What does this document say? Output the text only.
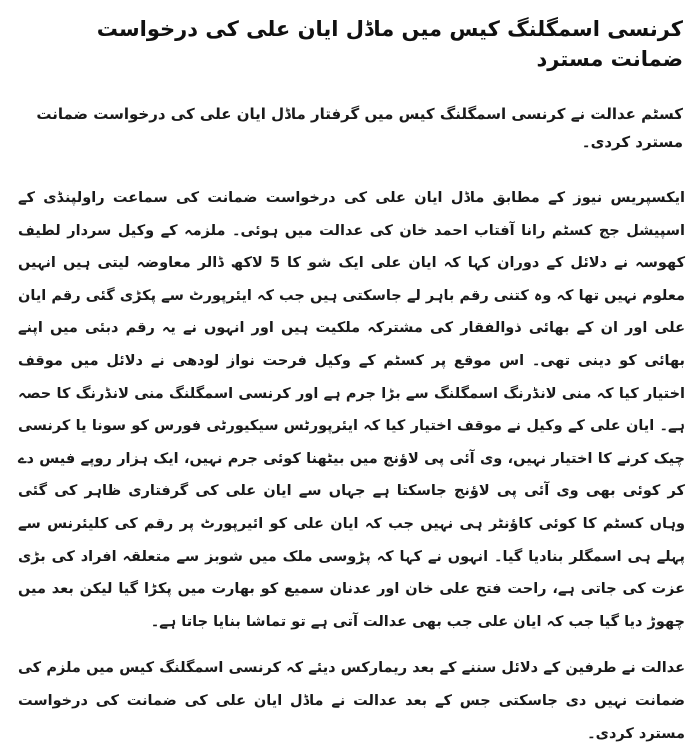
کرنسی اسمگلنگ کیس میں ماڈل ایان علی کی درخواست ضمانت مسترد

کسٹم عدالت نے کرنسی اسمگلنگ کیس میں گرفتار ماڈل ایان علی کی درخواست ضمانت مسترد کردی۔

ایکسپریس نیوز کے مطابق ماڈل ایان علی کی درخواست ضمانت کی سماعت راولپنڈی کے اسپیشل جج کسٹم رانا آفتاب احمد خان کی عدالت میں ہوئی۔ ملزمہ کے وکیل سردار لطیف کھوسہ نے دلائل کے دوران کہا کہ ایان علی ایک شو کا 5 لاکھ ڈالر معاوضہ لیتی ہیں انہیں معلوم نہیں تھا کہ وہ کتنی رقم باہر لے جاسکتی ہیں جب کہ ایئرپورٹ سے پکڑی گئی رقم ایان علی اور ان کے بھائی ذوالفقار کی مشترکہ ملکیت ہیں اور انہوں نے یہ رقم دبئی میں اپنے بھائی کو دینی تھی۔ اس موقع پر کسٹم کے وکیل فرحت نواز لودھی نے دلائل میں موقف اختیار کیا کہ منی لانڈرنگ اسمگلنگ سے بڑا جرم ہے اور کرنسی اسمگلنگ منی لانڈرنگ کا حصہ ہے۔ ایان علی کے وکیل نے موقف اختیار کیا کہ ایئرپورٹس سیکیورٹی فورس کو سونا یا کرنسی چیک کرنے کا اختیار نہیں، وی آئی پی لاؤنج میں بیٹھنا کوئی جرم نہیں، ایک ہزار روپے فیس دے کر کوئی بھی وی آئی پی لاؤنج جاسکتا ہے جہاں سے ایان علی کی گرفتاری ظاہر کی گئی وہاں کسٹم کا کوئی کاؤنٹر ہی نہیں جب کہ ایان علی کو ائیرپورٹ پر رقم کی کلیئرنس سے پہلے ہی اسمگلر بنادیا گیا۔ انہوں نے کہا کہ پڑوسی ملک میں شوبز سے متعلقہ افراد کی بڑی عزت کی جاتی ہے، راحت فتح علی خان اور عدنان سمیع کو بھارت میں پکڑا گیا لیکن بعد میں چھوڑ دیا گیا جب کہ ایان علی جب بھی عدالت آتی ہے تو تماشا بنایا جاتا ہے۔

عدالت نے طرفین کے دلائل سننے کے بعد ریمارکس دیئے کہ کرنسی اسمگلنگ کیس میں ملزم کی ضمانت نہیں دی جاسکتی جس کے بعد عدالت نے ماڈل ایان علی کی ضمانت کی درخواست مسترد کردی۔
